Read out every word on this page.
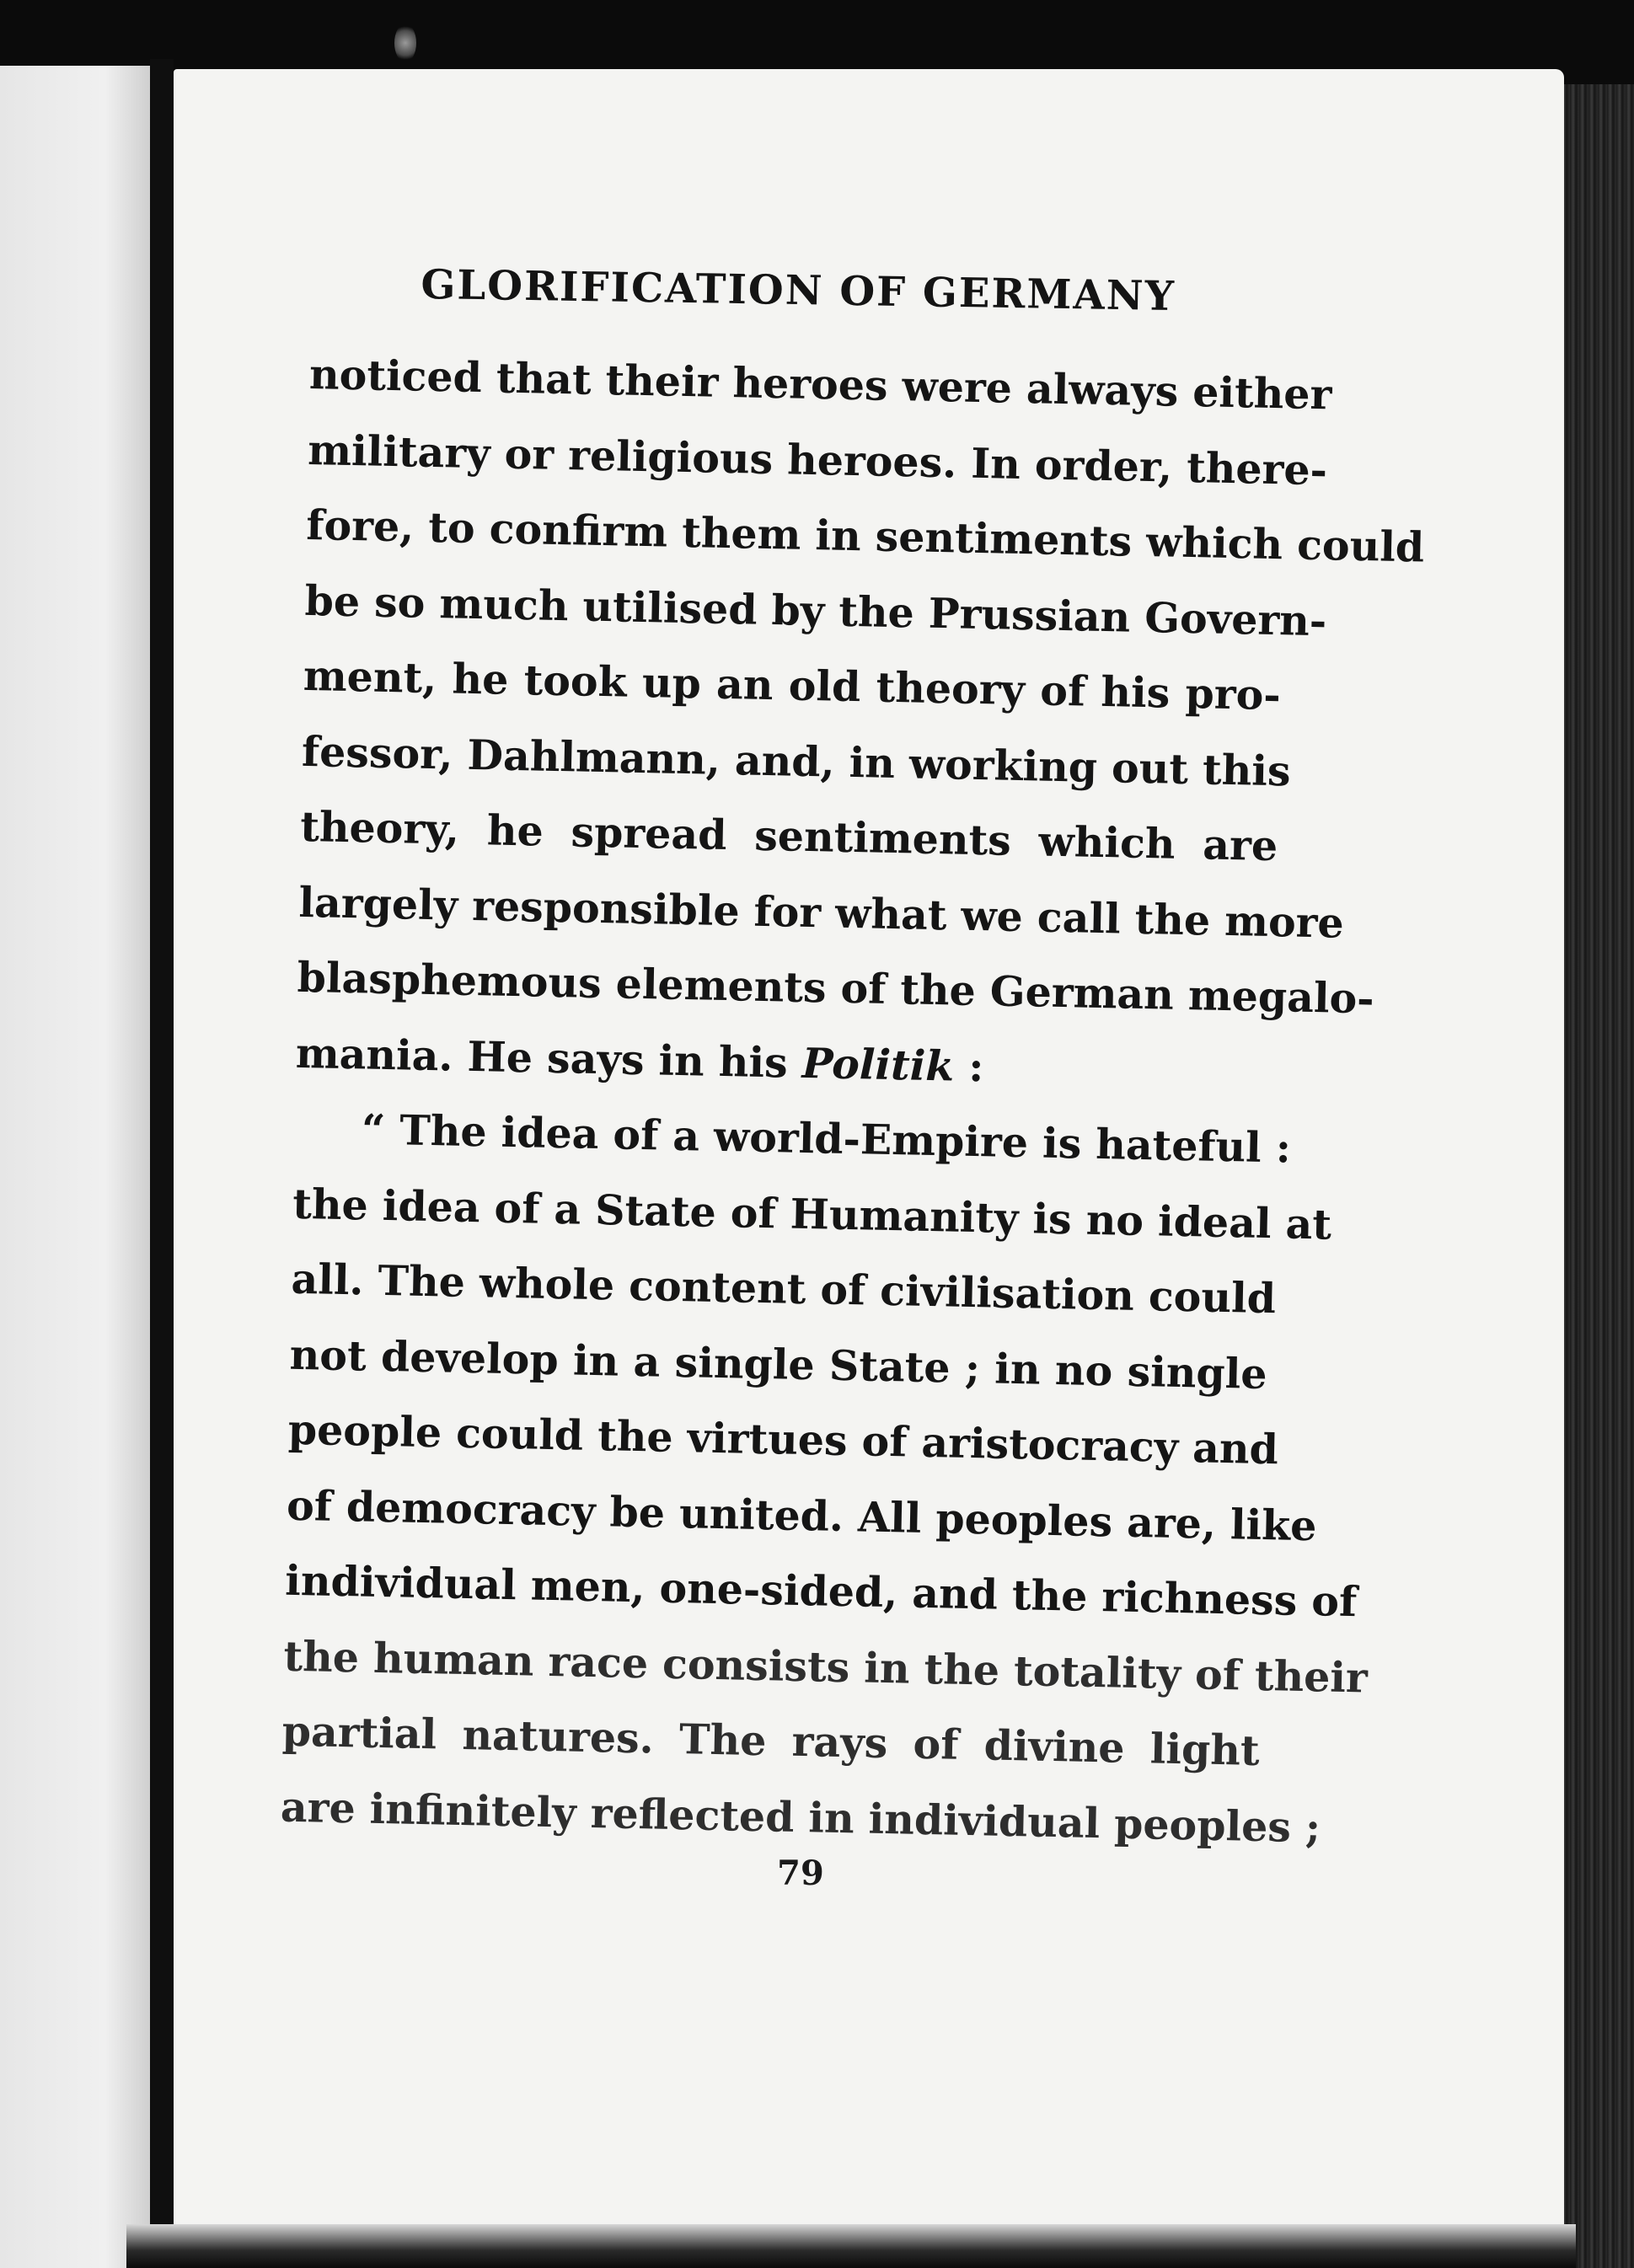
GLORIFICATION OF GERMANY
noticed that their heroes were always either
military or religious heroes. In order, there-
fore, to confirm them in sentiments which could
be so much utilised by the Prussian Govern-
ment, he took up an old theory of his pro-
fessor, Dahlmann, and, in working out this
theory, he spread sentiments which are
largely responsible for what we call the more
blasphemous elements of the German megalo-
mania. He says in his Politik :
“ The idea of a world-Empire is hateful :
the idea of a State of Humanity is no ideal at
all. The whole content of civilisation could
not develop in a single State ; in no single
people could the virtues of aristocracy and
of democracy be united. All peoples are, like
individual men, one-sided, and the richness of
the human race consists in the totality of their
partial natures. The rays of divine light
are infinitely reflected in individual peoples ;
79
